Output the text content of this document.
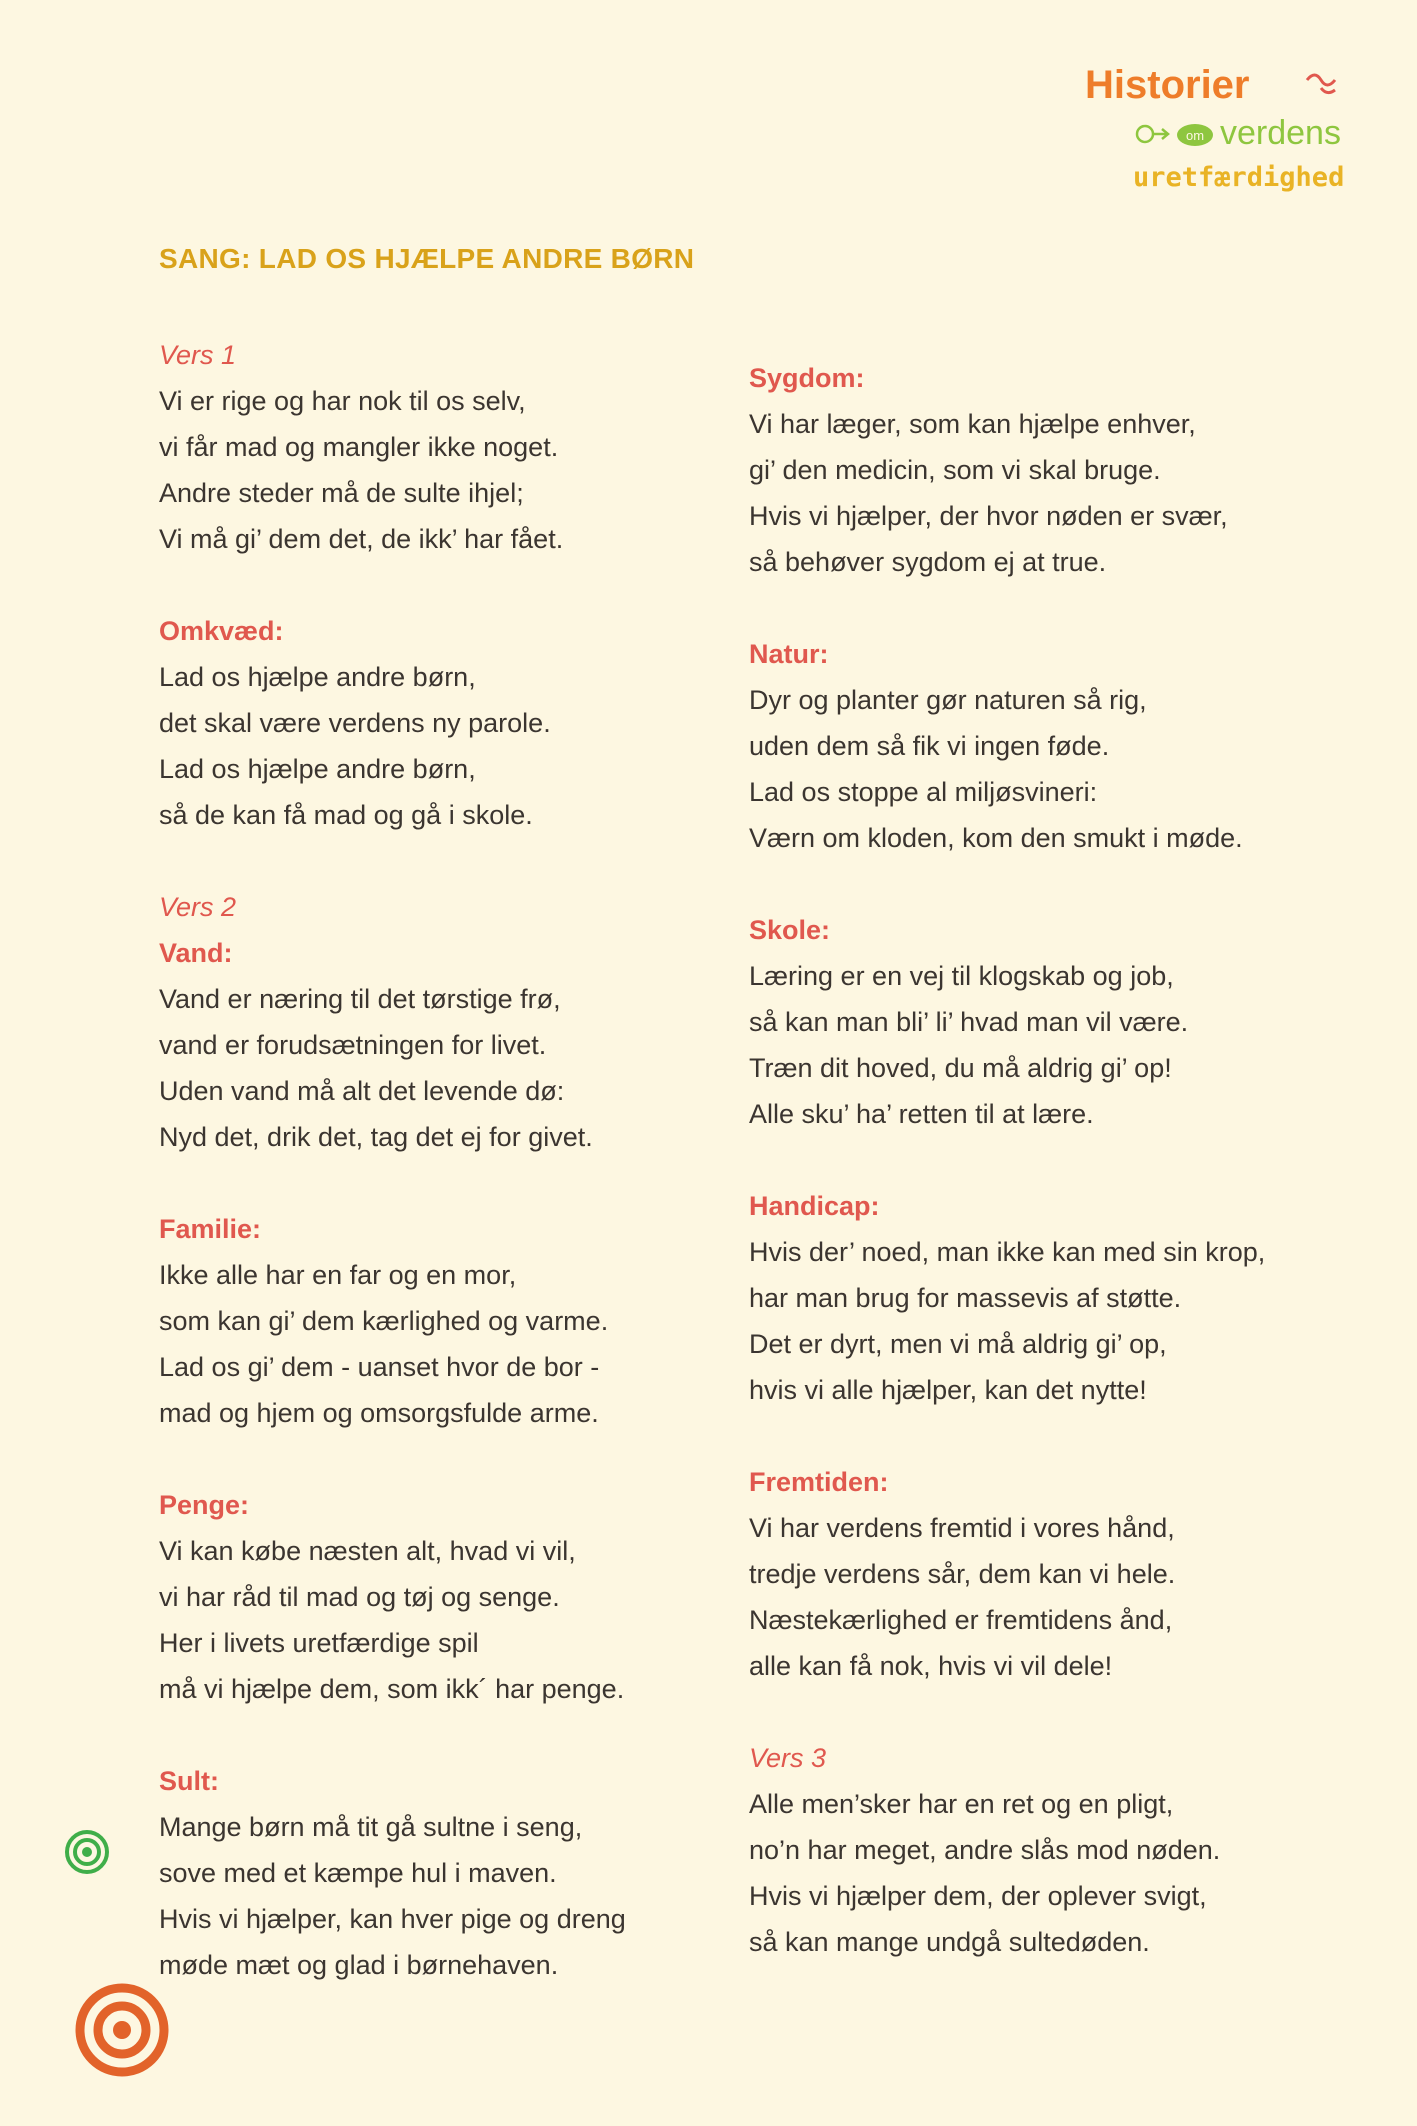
Historier
om verdens
uretfærdighed
SANG: LAD OS HJÆLPE ANDRE BØRN

Vers 1

Vi er rige og har nok til os selv,

vi får mad og mangler ikke noget.

Andre steder må de sulte ihjel;

Vi må gi’ dem det, de ikk’ har fået.

Omkvæd:

Lad os hjælpe andre børn,

det skal være verdens ny parole.

Lad os hjælpe andre børn,

så de kan få mad og gå i skole.

Vers 2

Vand:

Vand er næring til det tørstige frø,

vand er forudsætningen for livet.

Uden vand må alt det levende dø:

Nyd det, drik det, tag det ej for givet.

Familie:

Ikke alle har en far og en mor,

som kan gi’ dem kærlighed og varme.

Lad os gi’ dem - uanset hvor de bor -

mad og hjem og omsorgsfulde arme.

Penge:

Vi kan købe næsten alt, hvad vi vil,

vi har råd til mad og tøj og senge.

Her i livets uretfærdige spil

må vi hjælpe dem, som ikk´ har penge.

Sult:

Mange børn må tit gå sultne i seng,

sove med et kæmpe hul i maven.

Hvis vi hjælper, kan hver pige og dreng

møde mæt og glad i børnehaven.

Sygdom:

Vi har læger, som kan hjælpe enhver,

gi’ den medicin, som vi skal bruge.

Hvis vi hjælper, der hvor nøden er svær,

så behøver sygdom ej at true.

Natur:

Dyr og planter gør naturen så rig,

uden dem så fik vi ingen føde.

Lad os stoppe al miljøsvineri:

Værn om kloden, kom den smukt i møde.

Skole:

Læring er en vej til klogskab og job,

så kan man bli’ li’ hvad man vil være.

Træn dit hoved, du må aldrig gi’ op!

Alle sku’ ha’ retten til at lære.

Handicap:

Hvis der’ noed, man ikke kan med sin krop,

har man brug for massevis af støtte.

Det er dyrt, men vi må aldrig gi’ op,

hvis vi alle hjælper, kan det nytte!

Fremtiden:

Vi har verdens fremtid i vores hånd,

tredje verdens sår, dem kan vi hele.

Næstekærlighed er fremtidens ånd,

alle kan få nok, hvis vi vil dele!

Vers 3

Alle men’sker har en ret og en pligt,

no’n har meget, andre slås mod nøden.

Hvis vi hjælper dem, der oplever svigt,

så kan mange undgå sultedøden.
